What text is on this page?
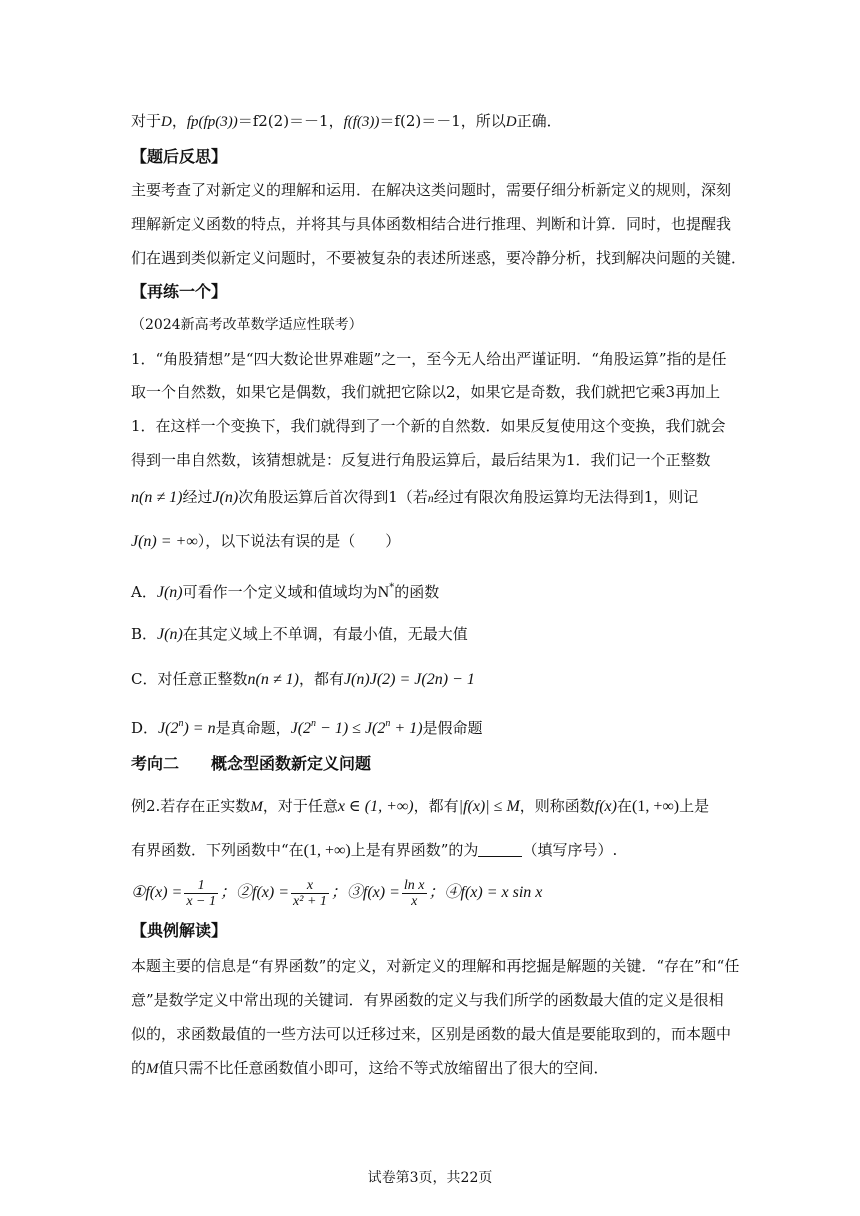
对于D，fp(fp(3))＝f2(2)＝－1，f(f(3))＝f(2)＝－1，所以D正确．
【题后反思】
主要考查了对新定义的理解和运用．在解决这类问题时，需要仔细分析新定义的规则，深刻
理解新定义函数的特点，并将其与具体函数相结合进行推理、判断和计算．同时，也提醒我
们在遇到类似新定义问题时，不要被复杂的表述所迷惑，要冷静分析，找到解决问题的关键．
【再练一个】
（2024新高考改革数学适应性联考）
1．“角股猜想”是“四大数论世界难题”之一，至今无人给出严谨证明．“角股运算”指的是任
取一个自然数，如果它是偶数，我们就把它除以2，如果它是奇数，我们就把它乘3再加上
1．在这样一个变换下，我们就得到了一个新的自然数．如果反复使用这个变换，我们就会
得到一串自然数，该猜想就是：反复进行角股运算后，最后结果为1．我们记一个正整数
n(n ≠ 1)经过J(n)次角股运算后首次得到1（若n经过有限次角股运算均无法得到1，则记
J(n) = +∞），以下说法有误的是（　　）
A．J(n)可看作一个定义域和值域均为N*的函数
B．J(n)在其定义域上不单调，有最小值，无最大值
C．对任意正整数n(n ≠ 1)，都有J(n)J(2) = J(2n) − 1
D．$J(2^n) = n$是真命题，$J(2^n - 1) \le J(2^n + 1)$是假命题
考向二　　概念型函数新定义问题
例2.若存在正实数M，对于任意x ∈ (1, +∞)，都有|f(x)| ≤ M，则称函数f(x)在(1, +∞)上是
有界函数．下列函数中“在(1, +∞)上是有界函数”的为	（填写序号）.
①f(x) = $\frac{1}{x - 1}$ ；②f(x) = $\frac{x}{\text{x² + 1}}$ ；③f(x) = $\frac{\text{ln x}}{x}$ ；④f(x) = x sin x
【典例解读】
本题主要的信息是“有界函数”的定义，对新定义的理解和再挖掘是解题的关键．“存在”和“任
意”是数学定义中常出现的关键词．有界函数的定义与我们所学的函数最大值的定义是很相
似的，求函数最值的一些方法可以迁移过来，区别是函数的最大值是要能取到的，而本题中
的M值只需不比任意函数值小即可，这给不等式放缩留出了很大的空间．
试卷第3页，共22页
